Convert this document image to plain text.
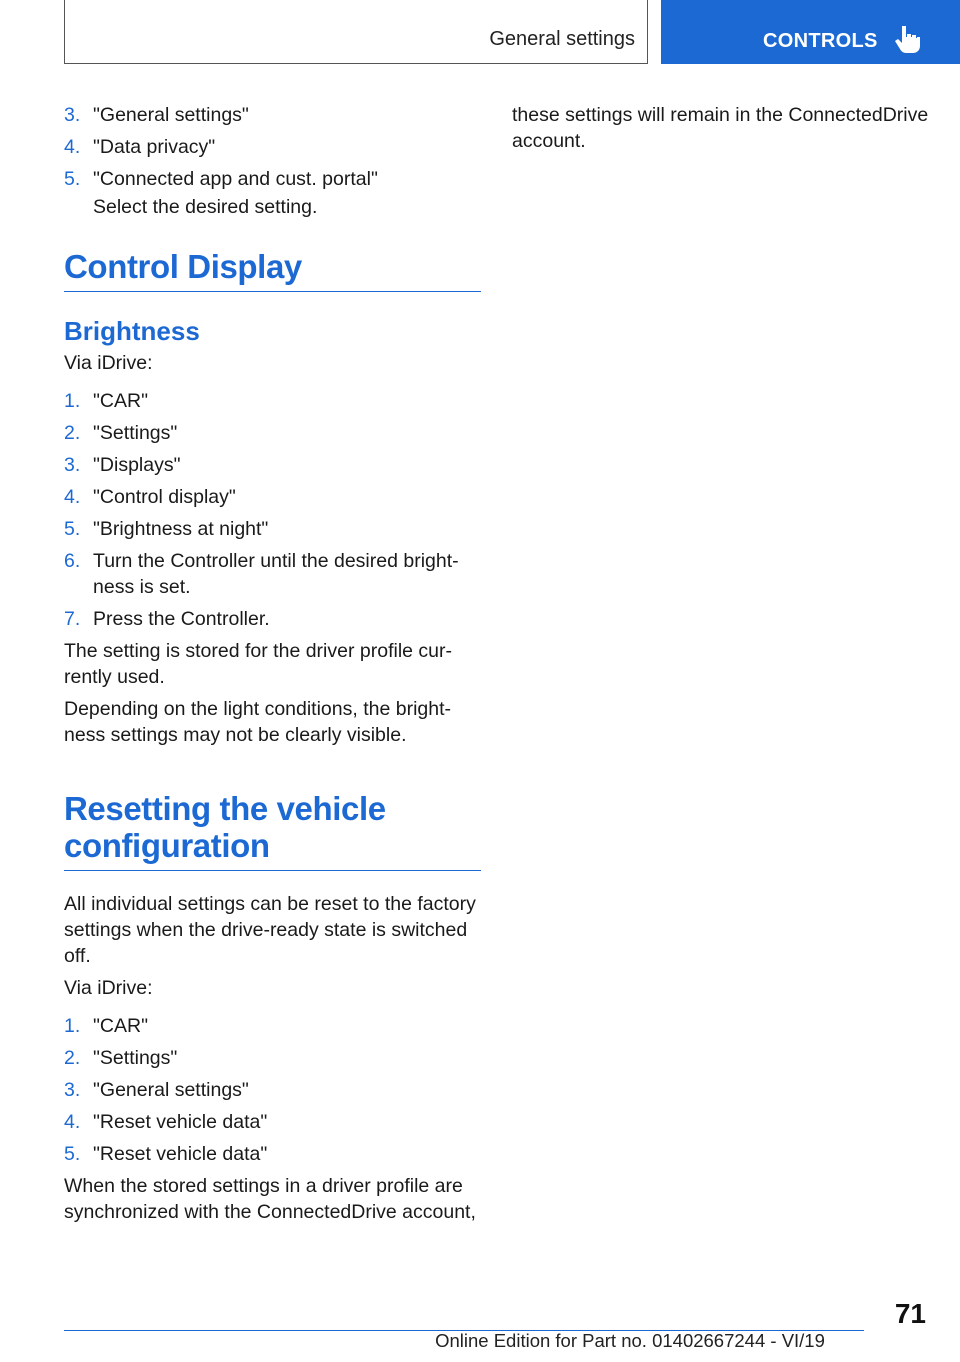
General settings	CONTROLS
3. "General settings"
4. "Data privacy"
5. "Connected app and cust. portal"

Select the desired setting.

Control Display
Brightness

Via iDrive:

1. "CAR"
2. "Settings"
3. "Displays"
4. "Control display"
5. "Brightness at night"
6. Turn the Controller until the desired bright‐ness is set.
7. Press the Controller.

The setting is stored for the driver profile cur‐rently used.

Depending on the light conditions, the bright‐ness settings may not be clearly visible.

Resetting the vehicle configuration

All individual settings can be reset to the factory settings when the drive-ready state is switched off.

Via iDrive:

1. "CAR"
2. "Settings"
3. "General settings"
4. "Reset vehicle data"
5. "Reset vehicle data"

When the stored settings in a driver profile are synchronized with the ConnectedDrive account,

these settings will remain in the ConnectedDrive account.

71
Online Edition for Part no. 01402667244 - VI/19
